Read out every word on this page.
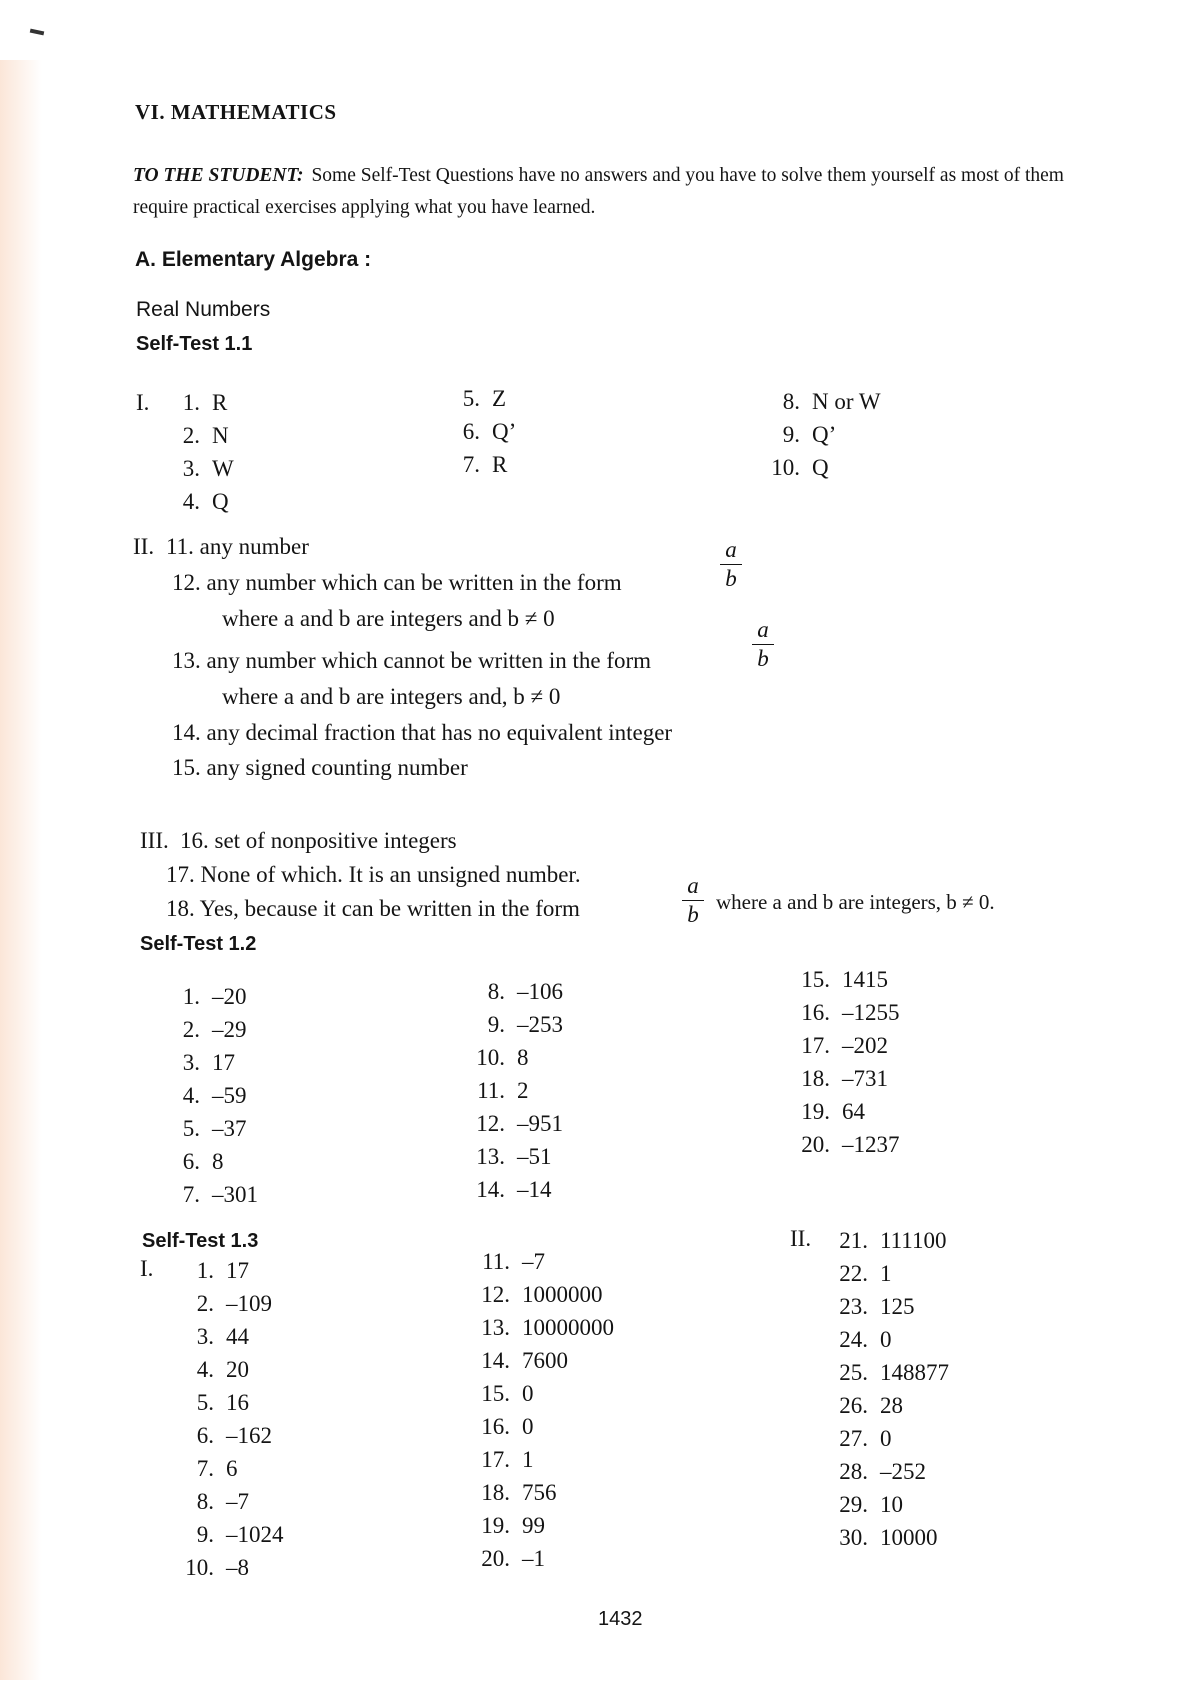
VI. MATHEMATICS
TO THE STUDENT: Some Self-Test Questions have no answers and you have to solve them yourself as most of them require practical exercises applying what you have learned.
A. Elementary Algebra :
Real Numbers
Self-Test 1.1
I.	1. R
2. N
3. W
4. Q
5. Z
6. Q’
7. R
8. N or W
9. Q’
10. Q
II. 11. any number
12. any number which can be written in the form	$\frac{a}{b}$
where a and b are integers and b ≠ 0
13. any number which cannot be written in the form	$\frac{a}{b}$
where a and b are integers and, b ≠ 0
14. any decimal fraction that has no equivalent integer
15. any signed counting number
III. 16. set of nonpositive integers
17. None of which. It is an unsigned number.
18. Yes, because it can be written in the form	$\frac{a}{b}$ where a and b are integers, b ≠ 0.
Self-Test 1.2
1. –20
2. –29
3. 17
4. –59
5. –37
6. 8
7. –301
8. –106
9. –253
10. 8
11. 2
12. –951
13. –51
14. –14
15. 1415
16. –1255
17. –202
18. –731
19. 64
20. –1237
Self-Test 1.3
I.	1. 17
2. –109
3. 44
4. 20
5. 16
6. –162
7. 6
8. –7
9. –1024
10. –8
11. –7
12. 1000000
13. 10000000
14. 7600
15. 0
16. 0
17. 1
18. 756
19. 99
20. –1
II.	21. 111100
22. 1
23. 125
24. 0
25. 148877
26. 28
27. 0
28. –252
29. 10
30. 10000
1432
